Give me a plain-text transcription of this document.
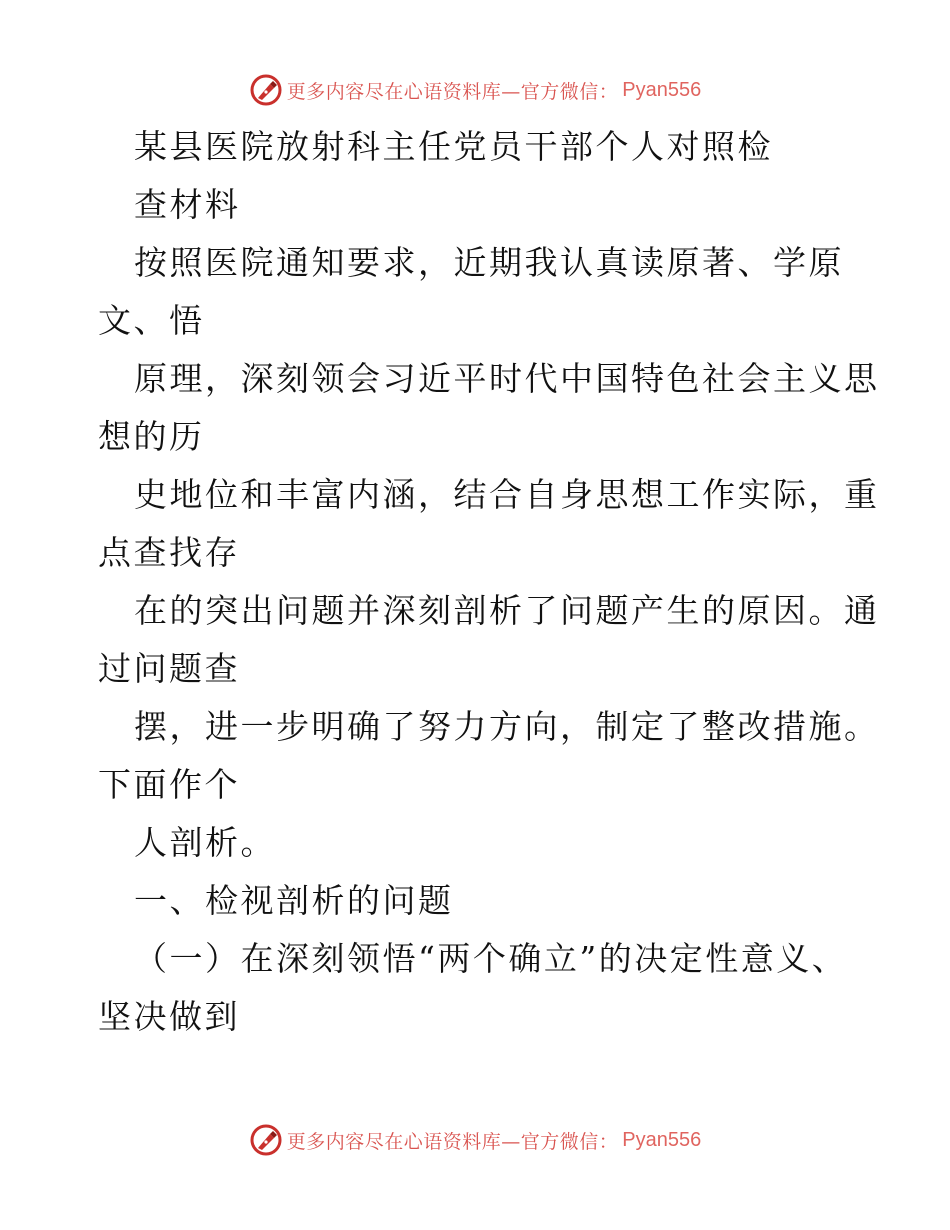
更多内容尽在心语资料库—官方微信： Pyan556
某县医院放射科主任党员干部个人对照检
查材料
按照医院通知要求，近期我认真读原著、学原
文、悟
原理，深刻领会习近平时代中国特色社会主义思
想的历
史地位和丰富内涵，结合自身思想工作实际，重
点查找存
在的突出问题并深刻剖析了问题产生的原因。通
过问题查
摆，进一步明确了努力方向，制定了整改措施。
下面作个
人剖析。
一、检视剖析的问题
（一）在深刻领悟“两个确立”的决定性意义、
坚决做到
更多内容尽在心语资料库—官方微信： Pyan556
